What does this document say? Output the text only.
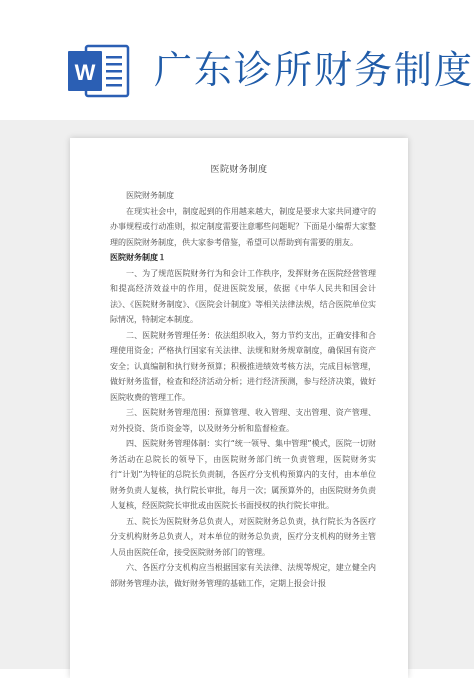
W 广东诊所财务制度
医院财务制度

医院财务制度

在现实社会中，制度起到的作用越来越大，制度是要求大家共同遵守的办事规程或行动准则，拟定制度需要注意哪些问题呢？下面是小编帮大家整理的医院财务制度，供大家参考借鉴，希望可以帮助到有需要的朋友。

医院财务制度１

一、为了规范医院财务行为和会计工作秩序，发挥财务在医院经营管理和提高经济效益中的作用，促进医院发展，依据《中华人民共和国会计法》、《医院财务制度》、《医院会计制度》等相关法律法规，结合医院单位实际情况，特制定本制度。

二、医院财务管理任务：依法组织收入，努力节约支出，正确安排和合理使用资金；严格执行国家有关法律、法规和财务规章制度，确保国有资产安全；认真编制和执行财务预算；积极推进绩效考核方法，完成目标管理，做好财务监督，检查和经济活动分析；进行经济预测，参与经济决策，做好医院收费的管理工作。

三、医院财务管理范围：预算管理、收入管理、支出管理、资产管理、对外投资、货币资金等，以及财务分析和监督检查。

四、医院财务管理体制：实行“统一领导、集中管理”模式，医院一切财务活动在总院长的领导下，由医院财务部门统一负责管理，医院财务实行“计划”为特征的总院长负责制，各医疗分支机构预算内的支付，由本单位财务负责人复核，执行院长审批，每月一次；属预算外的，由医院财务负责人复核，经医院院长审批或由医院长书面授权的执行院长审批。

五、院长为医院财务总负责人，对医院财务总负责，执行院长为各医疗分支机构财务总负责人，对本单位的财务总负责，医疗分支机构的财务主管人员由医院任命，接受医院财务部门的管理。

六、各医疗分支机构应当根据国家有关法律、法规等规定，建立健全内部财务管理办法，做好财务管理的基础工作，定期上报会计报
